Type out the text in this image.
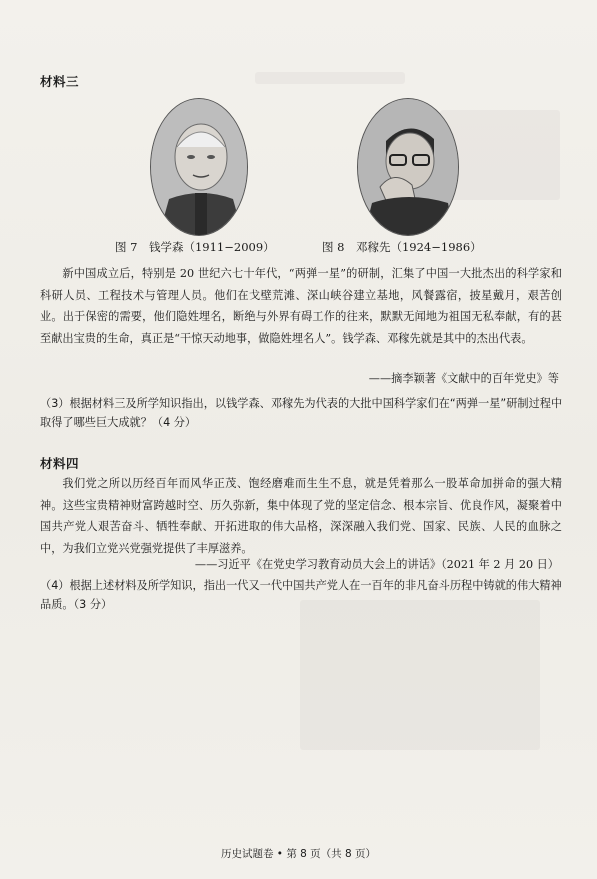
材料三
图 7　钱学森（1911−2009）	图 8　邓稼先（1924−1986）

新中国成立后，特别是 20 世纪六七十年代，“两弹一星”的研制，汇集了中国一大批杰出的科学家和科研人员、工程技术与管理人员。他们在戈壁荒滩、深山峡谷建立基地，风餐露宿，披星戴月，艰苦创业。出于保密的需要，他们隐姓埋名，断绝与外界有碍工作的往来，默默无闻地为祖国无私奉献，有的甚至献出宝贵的生命，真正是“干惊天动地事，做隐姓埋名人”。钱学森、邓稼先就是其中的杰出代表。

——摘李颖著《文献中的百年党史》等
（3）根据材料三及所学知识指出，以钱学森、邓稼先为代表的大批中国科学家们在“两弹一星”研制过程中取得了哪些巨大成就？（4 分）
材料四

我们党之所以历经百年而风华正茂、饱经磨难而生生不息，就是凭着那么一股革命加拼命的强大精神。这些宝贵精神财富跨越时空、历久弥新，集中体现了党的坚定信念、根本宗旨、优良作风，凝聚着中国共产党人艰苦奋斗、牺牲奉献、开拓进取的伟大品格，深深融入我们党、国家、民族、人民的血脉之中，为我们立党兴党强党提供了丰厚滋养。

——习近平《在党史学习教育动员大会上的讲话》（2021 年 2 月 20 日）
（4）根据上述材料及所学知识，指出一代又一代中国共产党人在一百年的非凡奋斗历程中铸就的伟大精神品质。（3 分）
历史试题卷 • 第 8 页（共 8 页）
